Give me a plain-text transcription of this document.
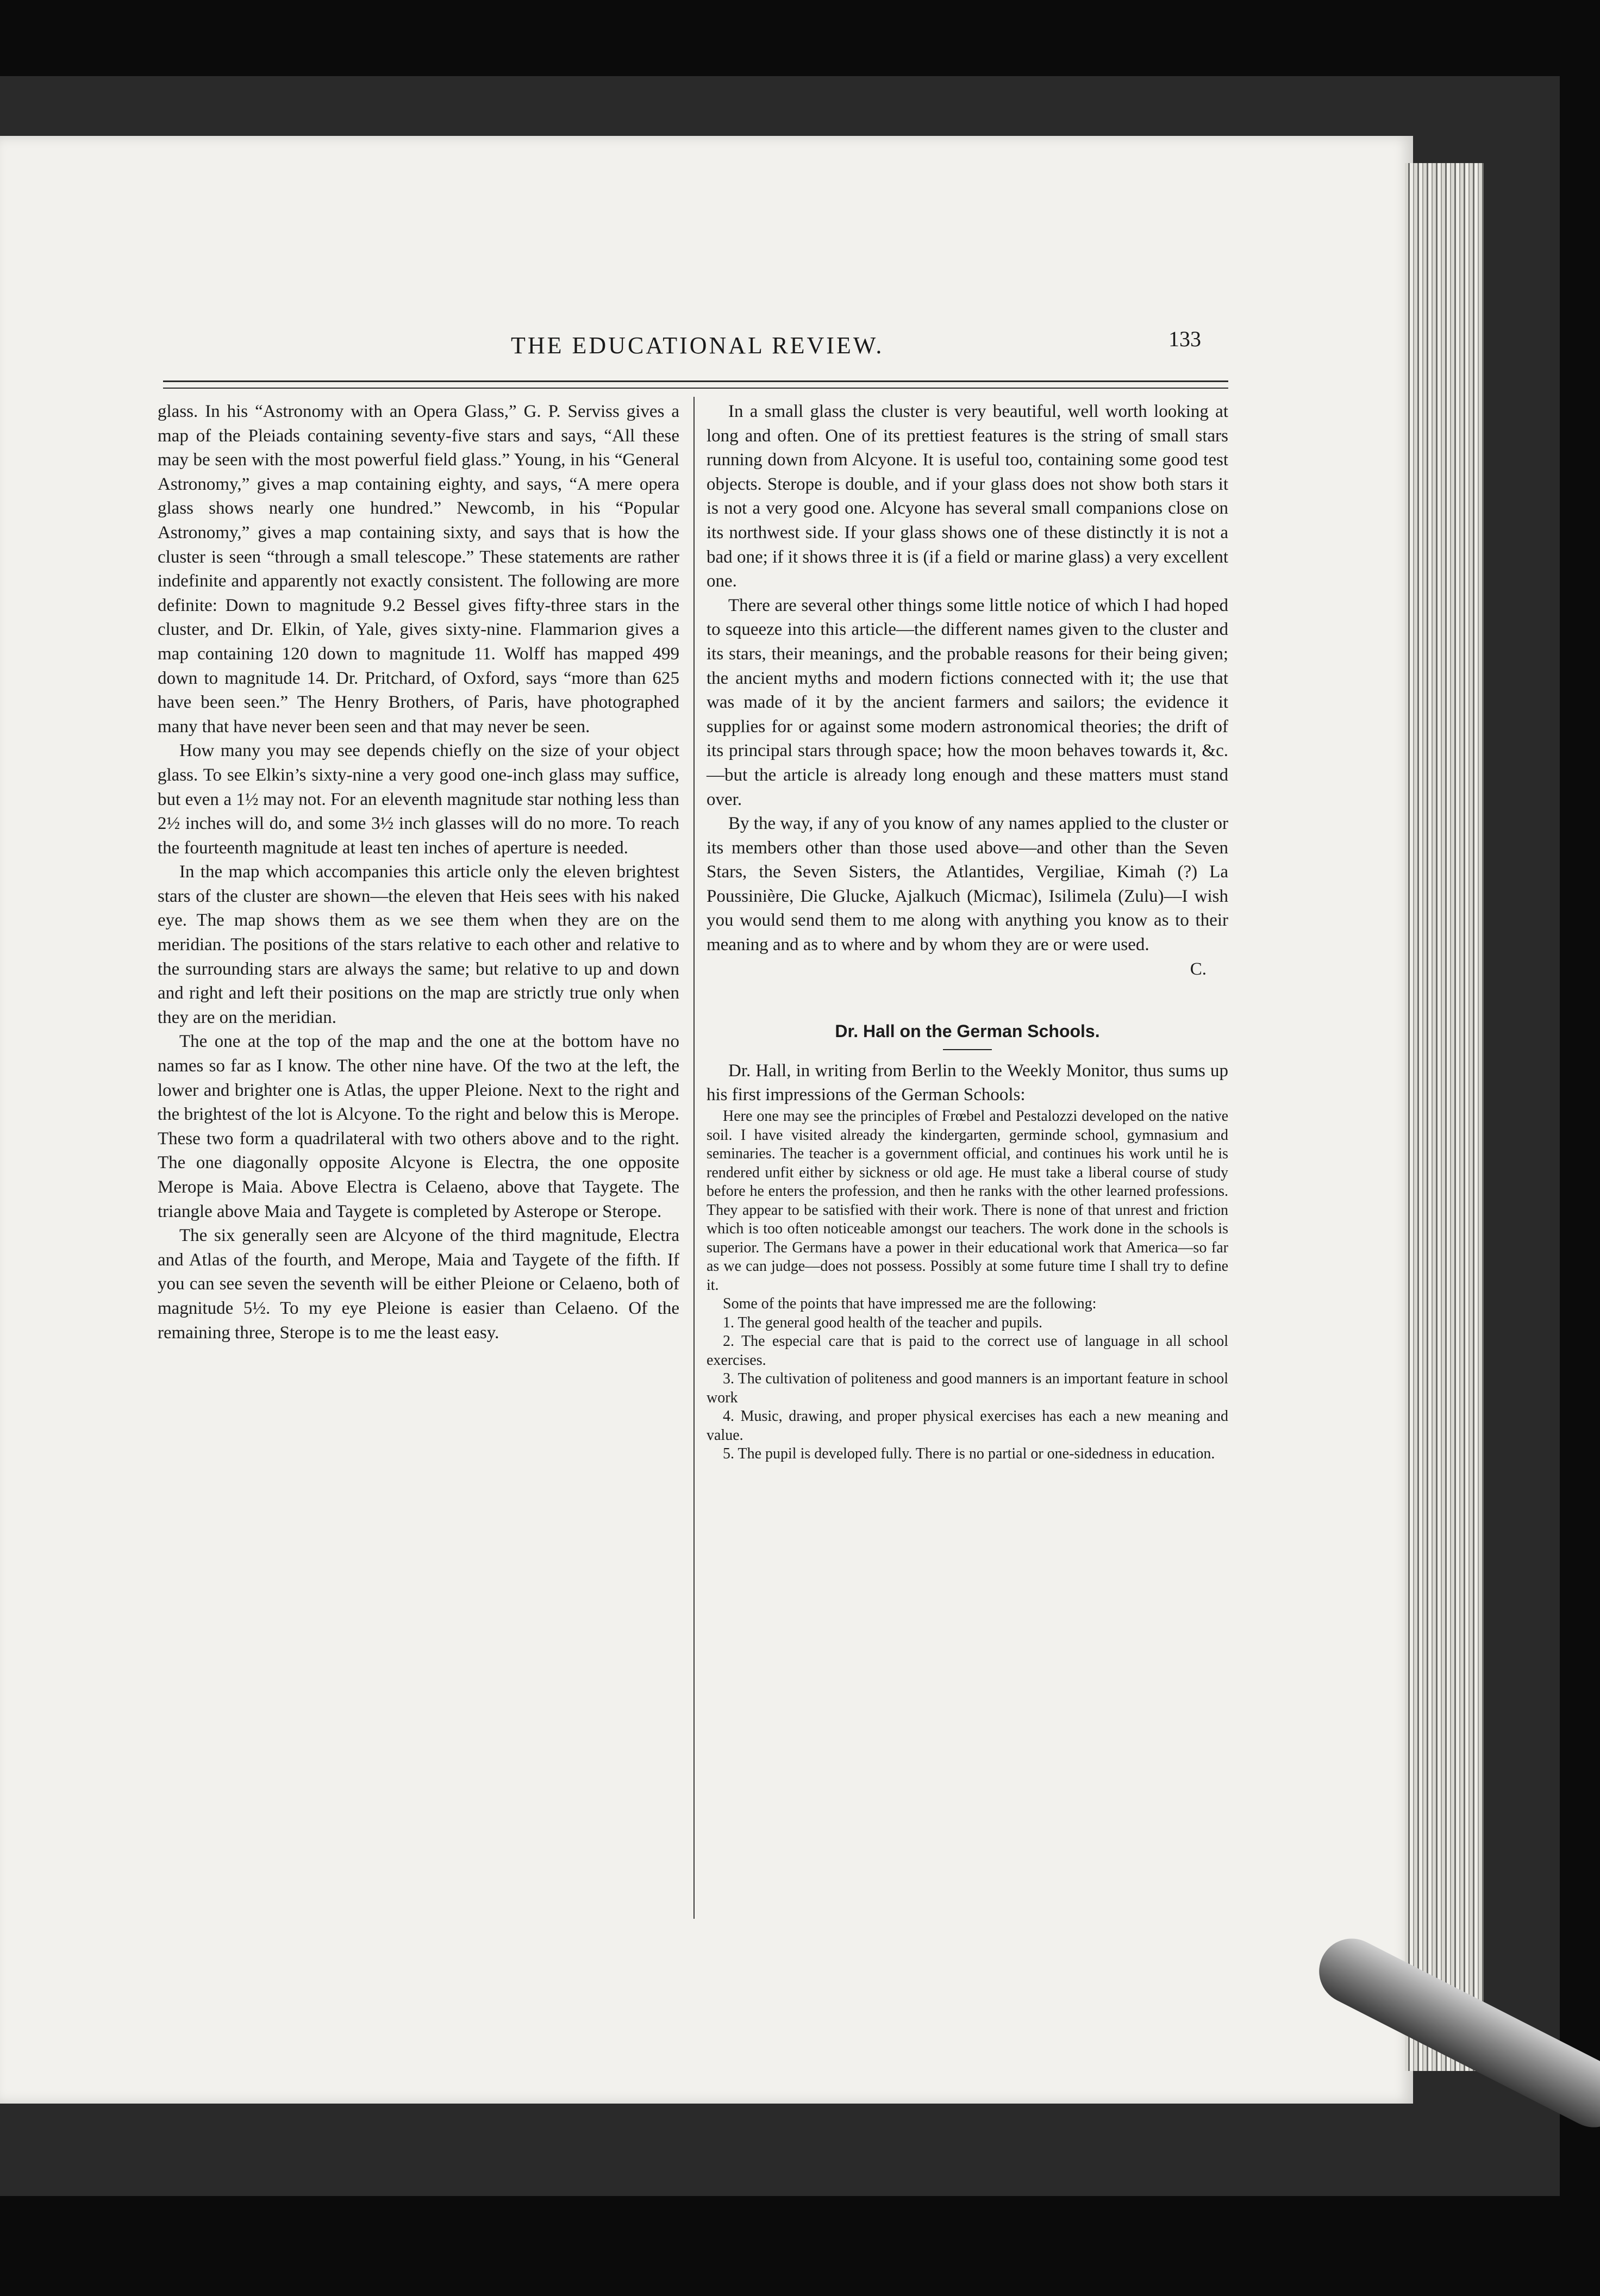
THE EDUCATIONAL REVIEW.	133

glass. In his “Astronomy with an Opera Glass,” G. P. Serviss gives a map of the Pleiads containing seventy-five stars and says, “All these may be seen with the most powerful field glass.” Young, in his “General Astronomy,” gives a map containing eighty, and says, “A mere opera glass shows nearly one hundred.” Newcomb, in his “Popular Astronomy,” gives a map containing sixty, and says that is how the cluster is seen “through a small telescope.” These statements are rather indefinite and apparently not exactly consistent. The following are more definite: Down to magnitude 9.2 Bessel gives fifty-three stars in the cluster, and Dr. Elkin, of Yale, gives sixty-nine. Flammarion gives a map containing 120 down to magnitude 11. Wolff has mapped 499 down to magnitude 14. Dr. Pritchard, of Oxford, says “more than 625 have been seen.” The Henry Brothers, of Paris, have photographed many that have never been seen and that may never be seen.

How many you may see depends chiefly on the size of your object glass. To see Elkin’s sixty-nine a very good one-inch glass may suffice, but even a 1½ may not. For an eleventh magnitude star nothing less than 2½ inches will do, and some 3½ inch glasses will do no more. To reach the fourteenth magnitude at least ten inches of aperture is needed.

In the map which accompanies this article only the eleven brightest stars of the cluster are shown—the eleven that Heis sees with his naked eye. The map shows them as we see them when they are on the meridian. The positions of the stars relative to each other and relative to the surrounding stars are always the same; but relative to up and down and right and left their positions on the map are strictly true only when they are on the meridian.

The one at the top of the map and the one at the bottom have no names so far as I know. The other nine have. Of the two at the left, the lower and brighter one is Atlas, the upper Pleione. Next to the right and the brightest of the lot is Alcyone. To the right and below this is Merope. These two form a quadrilateral with two others above and to the right. The one diagonally opposite Alcyone is Electra, the one opposite Merope is Maia. Above Electra is Celaeno, above that Taygete. The triangle above Maia and Taygete is completed by Asterope or Sterope.

The six generally seen are Alcyone of the third magnitude, Electra and Atlas of the fourth, and Merope, Maia and Taygete of the fifth. If you can see seven the seventh will be either Pleione or Celaeno, both of magnitude 5½. To my eye Pleione is easier than Celaeno. Of the remaining three, Sterope is to me the least easy.

In a small glass the cluster is very beautiful, well worth looking at long and often. One of its prettiest features is the string of small stars running down from Alcyone. It is useful too, containing some good test objects. Sterope is double, and if your glass does not show both stars it is not a very good one. Alcyone has several small companions close on its northwest side. If your glass shows one of these distinctly it is not a bad one; if it shows three it is (if a field or marine glass) a very excellent one.

There are several other things some little notice of which I had hoped to squeeze into this article—the different names given to the cluster and its stars, their meanings, and the probable reasons for their being given; the ancient myths and modern fictions connected with it; the use that was made of it by the ancient farmers and sailors; the evidence it supplies for or against some modern astronomical theories; the drift of its principal stars through space; how the moon behaves towards it, &c.—but the article is already long enough and these matters must stand over.

By the way, if any of you know of any names applied to the cluster or its members other than those used above—and other than the Seven Stars, the Seven Sisters, the Atlantides, Vergiliae, Kimah (?) La Poussinière, Die Glucke, Ajalkuch (Micmac), Isilimela (Zulu)—I wish you would send them to me along with anything you know as to their meaning and as to where and by whom they are or were used.

C.

Dr. Hall on the German Schools.

Dr. Hall, in writing from Berlin to the Weekly Monitor, thus sums up his first impressions of the German Schools:

Here one may see the principles of Frœbel and Pestalozzi developed on the native soil. I have visited already the kindergarten, germinde school, gymnasium and seminaries. The teacher is a government official, and continues his work until he is rendered unfit either by sickness or old age. He must take a liberal course of study before he enters the profession, and then he ranks with the other learned professions. They appear to be satisfied with their work. There is none of that unrest and friction which is too often noticeable amongst our teachers. The work done in the schools is superior. The Germans have a power in their educational work that America—so far as we can judge—does not possess. Possibly at some future time I shall try to define it.

Some of the points that have impressed me are the following:

1. The general good health of the teacher and pupils.

2. The especial care that is paid to the correct use of language in all school exercises.

3. The cultivation of politeness and good manners is an important feature in school work

4. Music, drawing, and proper physical exercises has each a new meaning and value.

5. The pupil is developed fully. There is no partial or one-sidedness in education.
